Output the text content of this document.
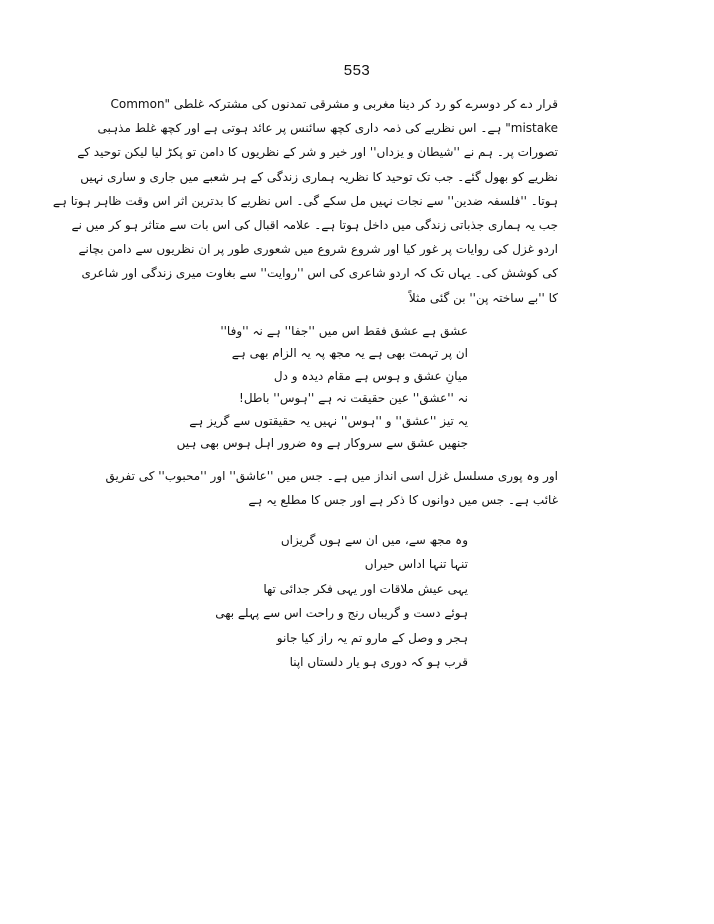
553
قرار دے کر دوسرے کو رد کر دینا مغربی و مشرقی تمدنوں کی مشترکہ غلطی "Common
mistake" ہے۔ اس نظریے کی ذمہ داری کچھ سائنس پر عائد ہوتی ہے اور کچھ غلط مذہبی
تصورات پر۔ ہم نے ''شیطان و یزداں'' اور خیر و شر کے نظریوں کا دامن تو پکڑ لیا لیکن توحید کے
نظریے کو بھول گئے۔ جب تک توحید کا نظریہ ہماری زندگی کے ہر شعبے میں جاری و ساری نہیں
ہوتا۔ ''فلسفہ ضدین'' سے نجات نہیں مل سکے گی۔ اس نظریے کا بدترین اثر اس وقت ظاہر ہوتا ہے
جب یہ ہماری جذباتی زندگی میں داخل ہوتا ہے۔ علامہ اقبال کی اس بات سے متاثر ہو کر میں نے
اردو غزل کی روایات پر غور کیا اور شروع شروع میں شعوری طور پر ان نظریوں سے دامن بچانے
کی کوشش کی۔ یہاں تک کہ اردو شاعری کی اس ''روایت'' سے بغاوت میری زندگی اور شاعری
کا ''بے ساختہ پن'' بن گئی مثلاً
عشق ہے عشق فقط اس میں ''جفا'' ہے نہ ''وفا''
ان پر تہمت بھی ہے یہ مجھ پہ یہ الزام بھی ہے
میانِ عشق و ہوس ہے مقام دیدہ و دل
نہ ''عشق'' عین حقیقت نہ ہے ''ہوس'' باطل!
یہ تیز ''عشق'' و ''ہوس'' نہیں یہ حقیقتوں سے گریز ہے
جنھیں عشق سے سروکار ہے وہ ضرور اہل ہوس بھی ہیں
اور وہ پوری مسلسل غزل اسی انداز میں ہے۔ جس میں ''عاشق'' اور ''محبوب'' کی تفریق
غائب ہے۔ جس میں دوانوں کا ذکر ہے اور جس کا مطلع یہ ہے
وہ مجھ سے، میں ان سے ہوں گریزاں
تنہا تنہا اداس حیراں
یہی عیش ملاقات اور یہی فکر جدائی تھا
ہوئے دست و گریباں رنج و راحت اس سے پہلے بھی
ہجر و وصل کے مارو تم یہ راز کیا جانو
قرب ہو کہ دوری ہو یار دلستاں اپنا
